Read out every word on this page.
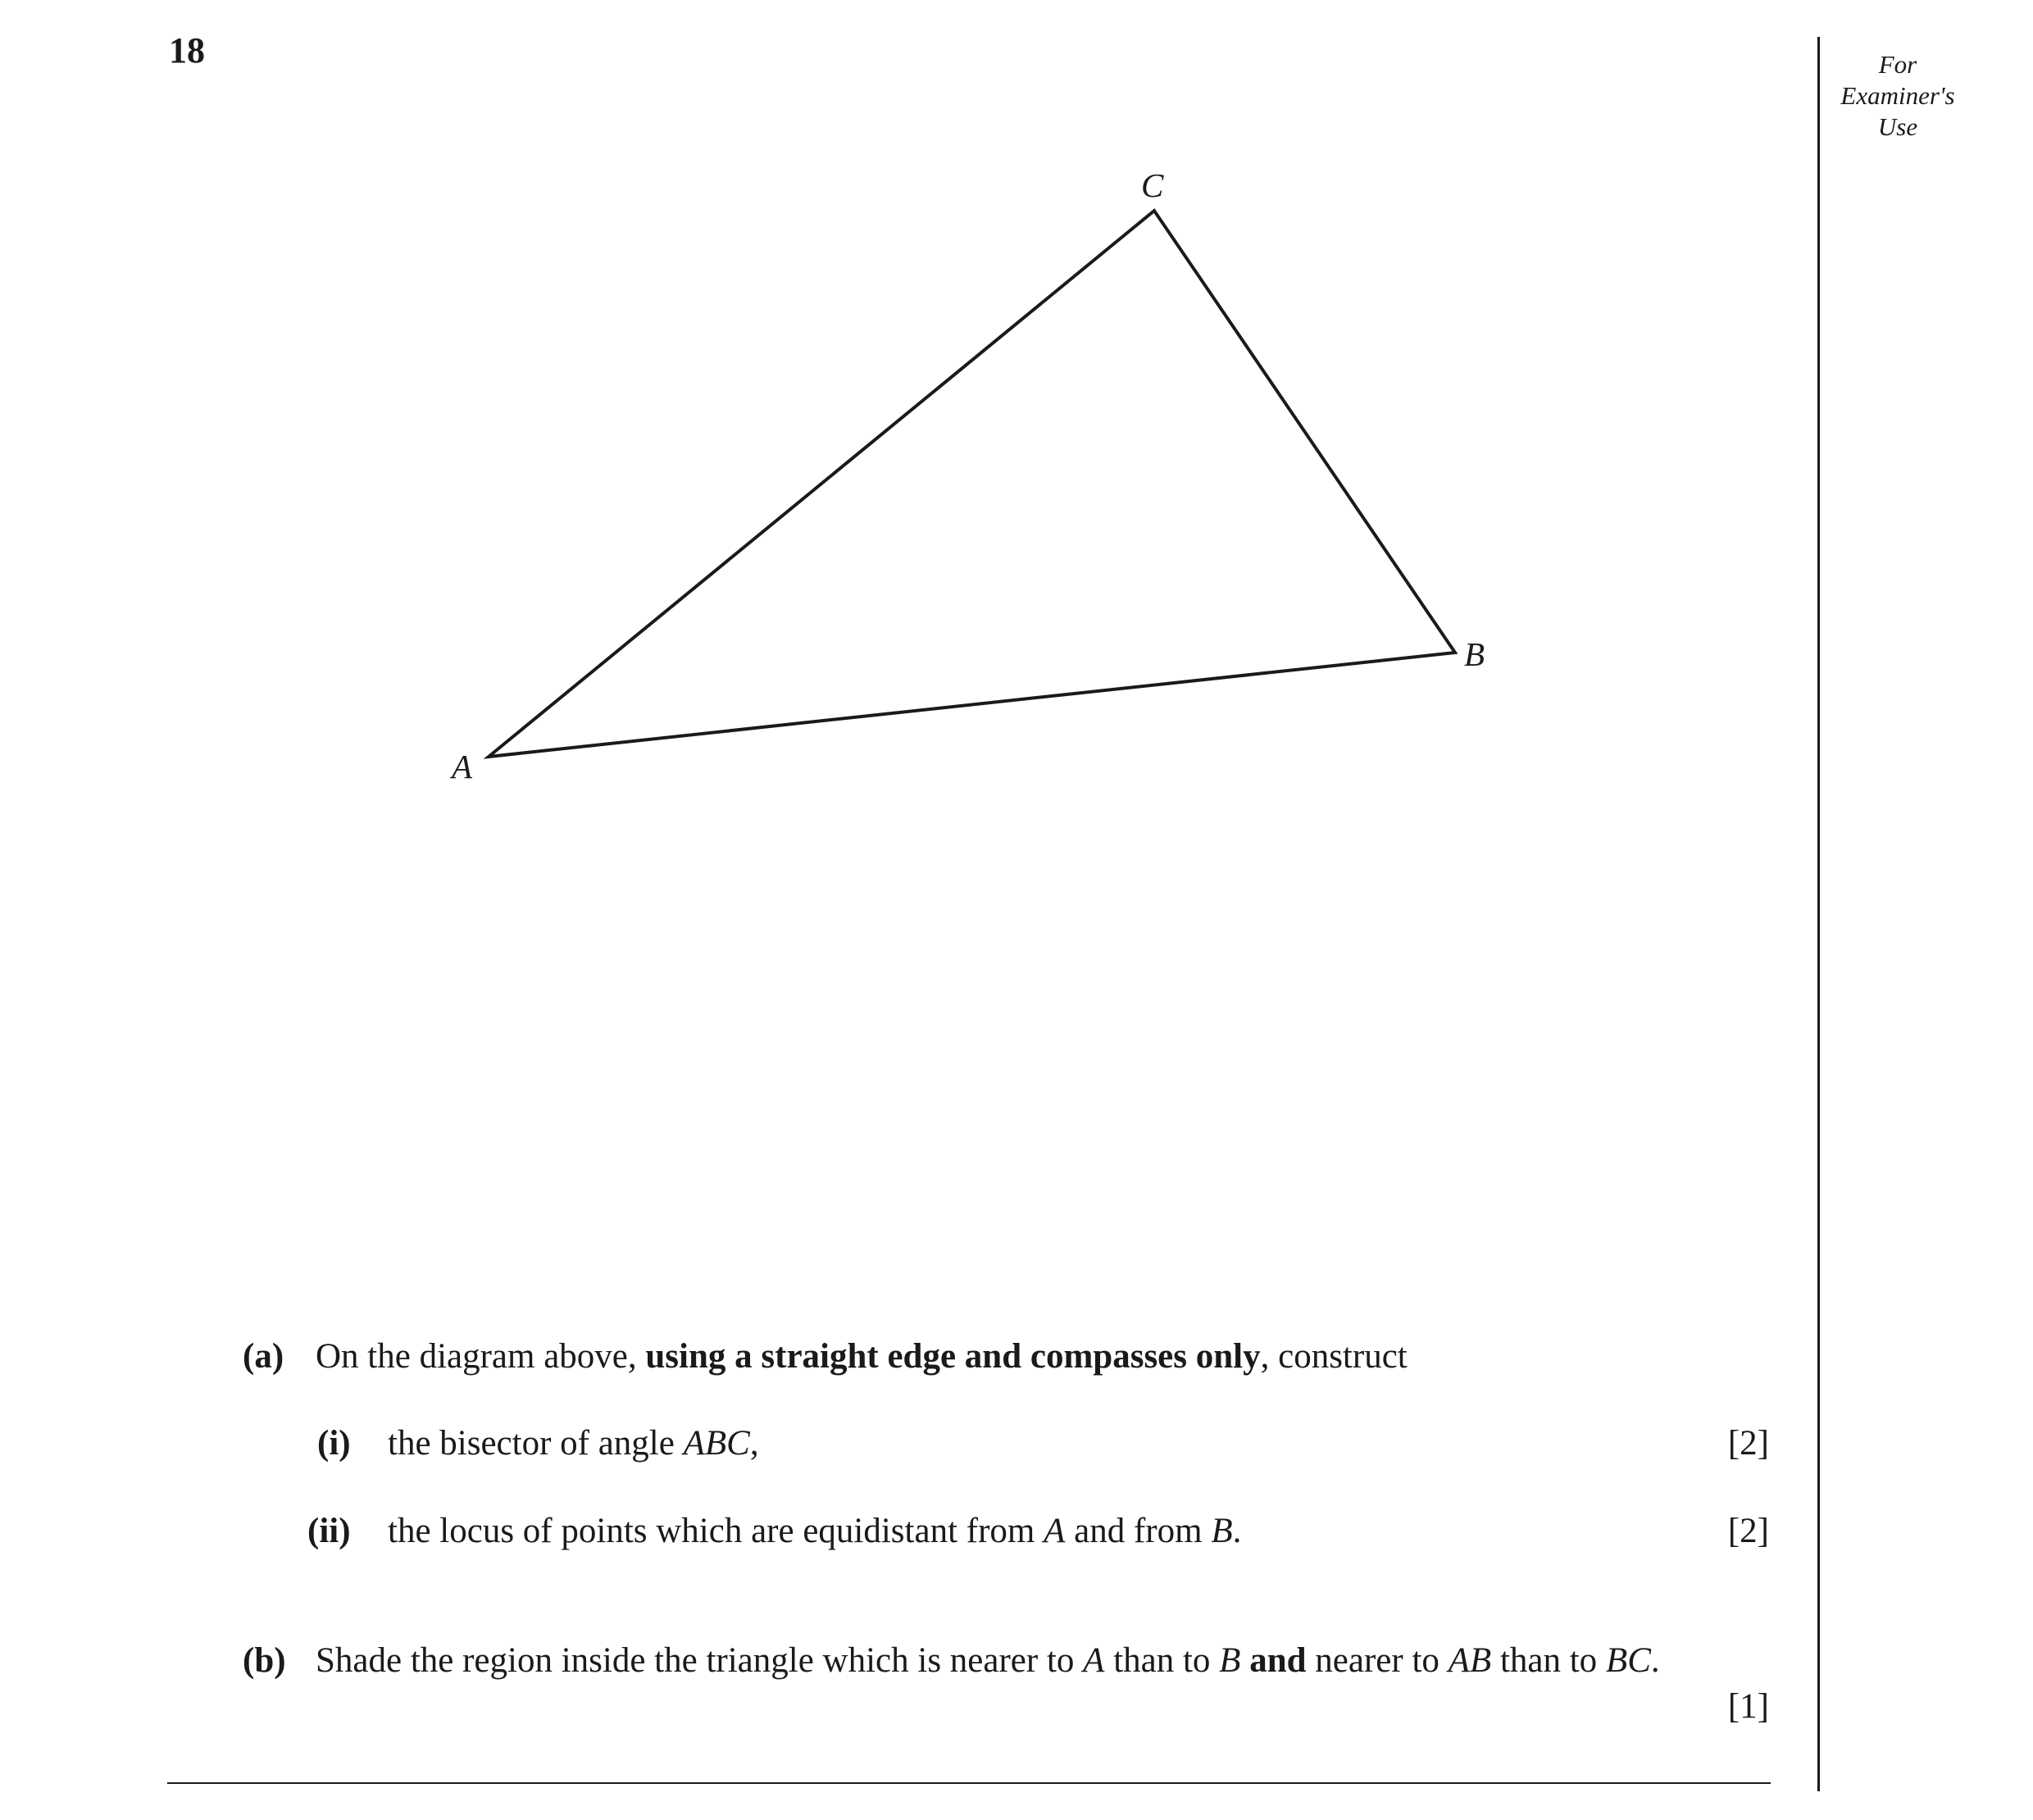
18	For
Examiner's
Use
A
B
C
(a) On the diagram above, using a straight edge and compasses only, construct

(i) the bisector of angle ABC,	[2]
(ii) the locus of points which are equidistant from A and from B.	[2]
(b) Shade the region inside the triangle which is nearer to A than to B and nearer to AB than to BC.

[1]
